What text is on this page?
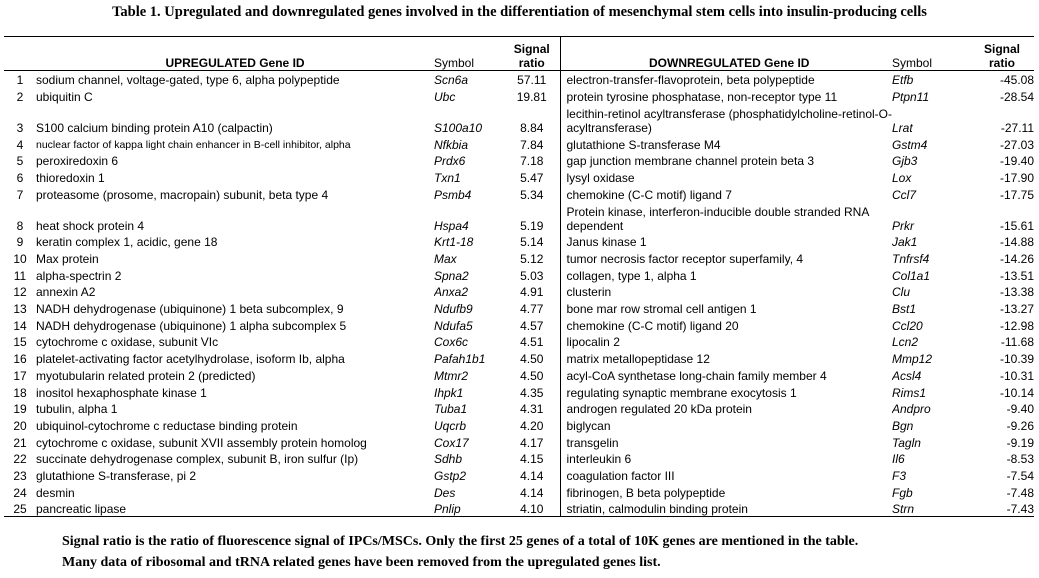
Table 1. Upregulated and downregulated genes involved in the differentiation of mesenchymal stem cells into insulin-producing cells
	UPREGULATED Gene ID	Symbol	Signal ratio	DOWNREGULATED Gene ID	Symbol	Signal ratio
1	sodium channel, voltage-gated, type 6, alpha polypeptide	Scn6a	57.11	electron-transfer-flavoprotein, beta polypeptide	Etfb	-45.08
2	ubiquitin C	Ubc	19.81	protein tyrosine phosphatase, non-receptor type 11	Ptpn11	-28.54
3	S100 calcium binding protein A10 (calpactin)	S100a10	8.84	lecithin-retinol acyltransferase (phosphatidylcholine-retinol-O-acyltransferase)	Lrat	-27.11
4	nuclear factor of kappa light chain enhancer in B-cell inhibitor, alpha	Nfkbia	7.84	glutathione S-transferase M4	Gstm4	-27.03
5	peroxiredoxin 6	Prdx6	7.18	gap junction membrane channel protein beta 3	Gjb3	-19.40
6	thioredoxin 1	Txn1	5.47	lysyl oxidase	Lox	-17.90
7	proteasome (prosome, macropain) subunit, beta type 4	Psmb4	5.34	chemokine (C-C motif) ligand 7	Ccl7	-17.75
8	heat shock protein 4	Hspa4	5.19	Protein kinase, interferon-inducible double stranded RNA dependent	Prkr	-15.61
9	keratin complex 1, acidic, gene 18	Krt1-18	5.14	Janus kinase 1	Jak1	-14.88
10	Max protein	Max	5.12	tumor necrosis factor receptor superfamily, 4	Tnfrsf4	-14.26
11	alpha-spectrin 2	Spna2	5.03	collagen, type 1, alpha 1	Col1a1	-13.51
12	annexin A2	Anxa2	4.91	clusterin	Clu	-13.38
13	NADH dehydrogenase (ubiquinone) 1 beta subcomplex, 9	Ndufb9	4.77	bone mar row stromal cell antigen 1	Bst1	-13.27
14	NADH dehydrogenase (ubiquinone) 1 alpha subcomplex 5	Ndufa5	4.57	chemokine (C-C motif) ligand 20	Ccl20	-12.98
15	cytochrome c oxidase, subunit VIc	Cox6c	4.51	lipocalin 2	Lcn2	-11.68
16	platelet-activating factor acetylhydrolase, isoform Ib, alpha	Pafah1b1	4.50	matrix metallopeptidase 12	Mmp12	-10.39
17	myotubularin related protein 2 (predicted)	Mtmr2	4.50	acyl-CoA synthetase long-chain family member 4	Acsl4	-10.31
18	inositol hexaphosphate kinase 1	Ihpk1	4.35	regulating synaptic membrane exocytosis 1	Rims1	-10.14
19	tubulin, alpha 1	Tuba1	4.31	androgen regulated 20 kDa protein	Andpro	-9.40
20	ubiquinol-cytochrome c reductase binding protein	Uqcrb	4.20	biglycan	Bgn	-9.26
21	cytochrome c oxidase, subunit XVII assembly protein homolog	Cox17	4.17	transgelin	Tagln	-9.19
22	succinate dehydrogenase complex, subunit B, iron sulfur (Ip)	Sdhb	4.15	interleukin 6	Il6	-8.53
23	glutathione S-transferase, pi 2	Gstp2	4.14	coagulation factor III	F3	-7.54
24	desmin	Des	4.14	fibrinogen, B beta polypeptide	Fgb	-7.48
25	pancreatic lipase	Pnlip	4.10	striatin, calmodulin binding protein	Strn	-7.43
Signal ratio is the ratio of fluorescence signal of IPCs/MSCs. Only the first 25 genes of a total of 10K genes are mentioned in the table.
Many data of ribosomal and tRNA related genes have been removed from the upregulated genes list.
